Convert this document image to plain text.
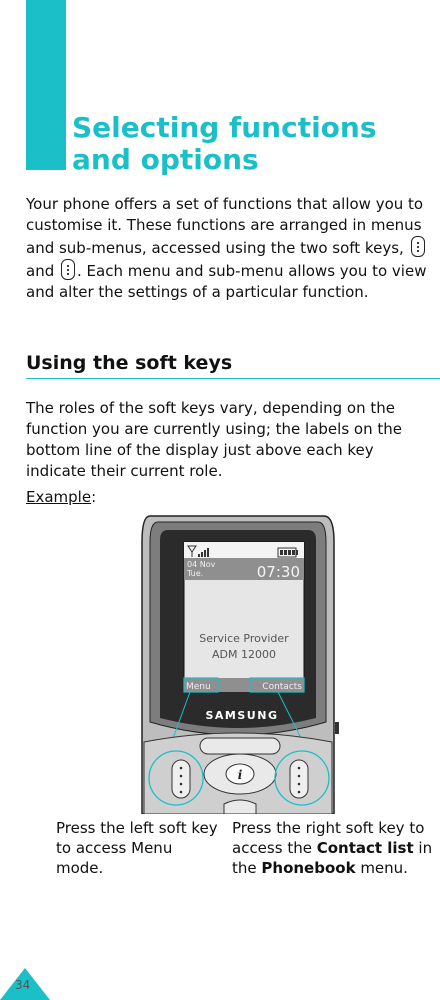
Selecting functions
and options

Your phone offers a set of functions that allow you to customise it. These functions are arranged in menus and sub-menus, accessed using the two soft keys,  and . Each menu and sub-menu allows you to view and alter the settings of a particular function.

Using the soft keys

The roles of the soft keys vary, depending on the function you are currently using; the labels on the bottom line of the display just above each key indicate their current role.

Example:
04 Nov
Tue.	07:30
Service Provider
ADM 12000
Menu	Contacts
SAMSUNG
i

Press the left soft key to access Menu mode.

Press the right soft key to access the Contact list in the Phonebook menu.

34
